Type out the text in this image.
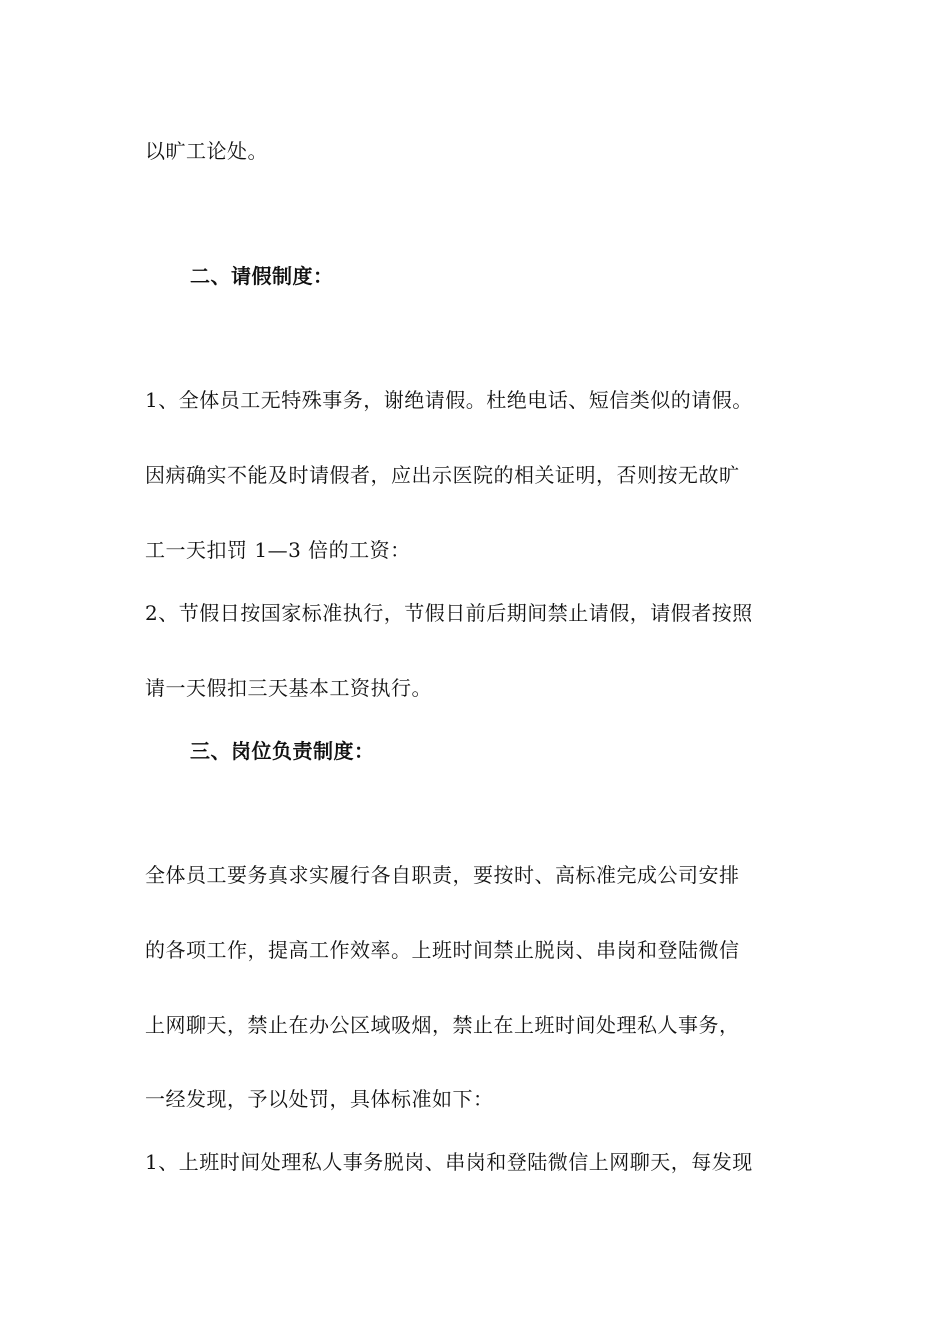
以旷工论处。
二、请假制度：
1、全体员工无特殊事务，谢绝请假。杜绝电话、短信类似的请假。
因病确实不能及时请假者，应出示医院的相关证明，否则按无故旷
工一天扣罚 1—3 倍的工资：
2、节假日按国家标准执行，节假日前后期间禁止请假，请假者按照
请一天假扣三天基本工资执行。
三、岗位负责制度：
全体员工要务真求实履行各自职责，要按时、高标准完成公司安排
的各项工作，提高工作效率。上班时间禁止脱岗、串岗和登陆微信
上网聊天，禁止在办公区域吸烟，禁止在上班时间处理私人事务，
一经发现，予以处罚，具体标准如下：
1、上班时间处理私人事务脱岗、串岗和登陆微信上网聊天，每发现
